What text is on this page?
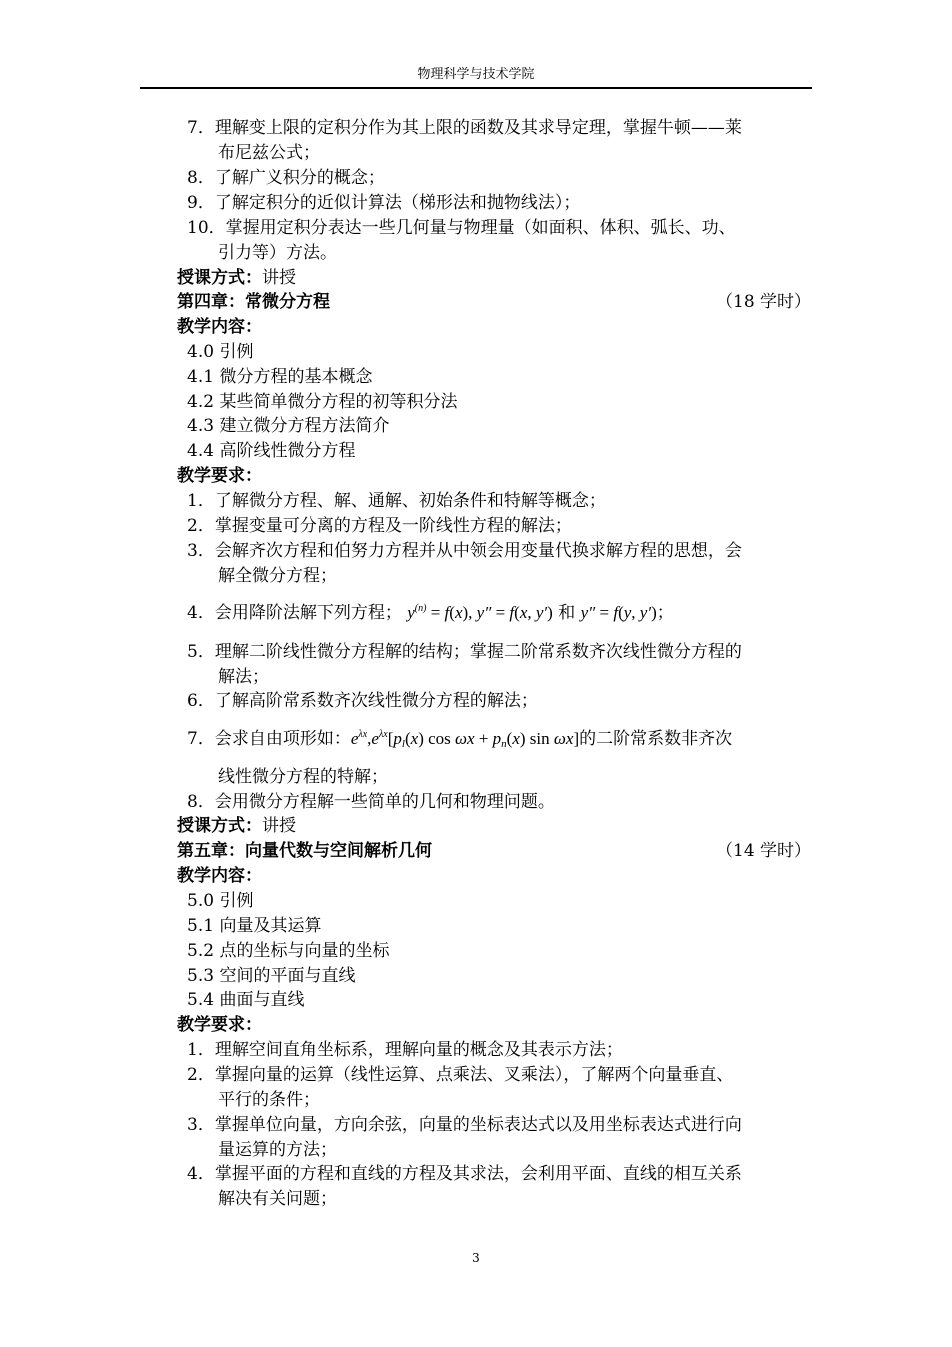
物理科学与技术学院
7．理解变上限的定积分作为其上限的函数及其求导定理，掌握牛顿——莱
布尼兹公式；
8．了解广义积分的概念；
9．了解定积分的近似计算法（梯形法和抛物线法）；
10．掌握用定积分表达一些几何量与物理量（如面积、体积、弧长、功、
引力等）方法。
授课方式：讲授
第四章：常微分方程	（18 学时）
教学内容：
4.0 引例
4.1 微分方程的基本概念
4.2 某些简单微分方程的初等积分法
4.3 建立微分方程方法简介
4.4 高阶线性微分方程
教学要求：
1．了解微分方程、解、通解、初始条件和特解等概念；
2．掌握变量可分离的方程及一阶线性方程的解法；
3．会解齐次方程和伯努力方程并从中领会用变量代换求解方程的思想，会
解全微分方程；
4．会用降阶法解下列方程； $y^{(n)} = f(x)$, y″ = f(x, y′) 和 y″ = f(y, y′)；
5．理解二阶线性微分方程解的结构；掌握二阶常系数齐次线性微分方程的
解法；
6．了解高阶常系数齐次线性微分方程的解法；
7．会求自由项形如：$e^{\lambda x},e^{\lambda x}[p_l(x)$ $\cos \omega x + p_n(x)$ sin ωx]的二阶常系数非齐次
线性微分方程的特解；
8．会用微分方程解一些简单的几何和物理问题。
授课方式：讲授
第五章：向量代数与空间解析几何	（14 学时）
教学内容：
5.0 引例
5.1 向量及其运算
5.2 点的坐标与向量的坐标
5.3 空间的平面与直线
5.4 曲面与直线
教学要求：
1．理解空间直角坐标系，理解向量的概念及其表示方法；
2．掌握向量的运算（线性运算、点乘法、叉乘法），了解两个向量垂直、
平行的条件；
3．掌握单位向量，方向余弦，向量的坐标表达式以及用坐标表达式进行向
量运算的方法；
4．掌握平面的方程和直线的方程及其求法，会利用平面、直线的相互关系
解决有关问题；
3
